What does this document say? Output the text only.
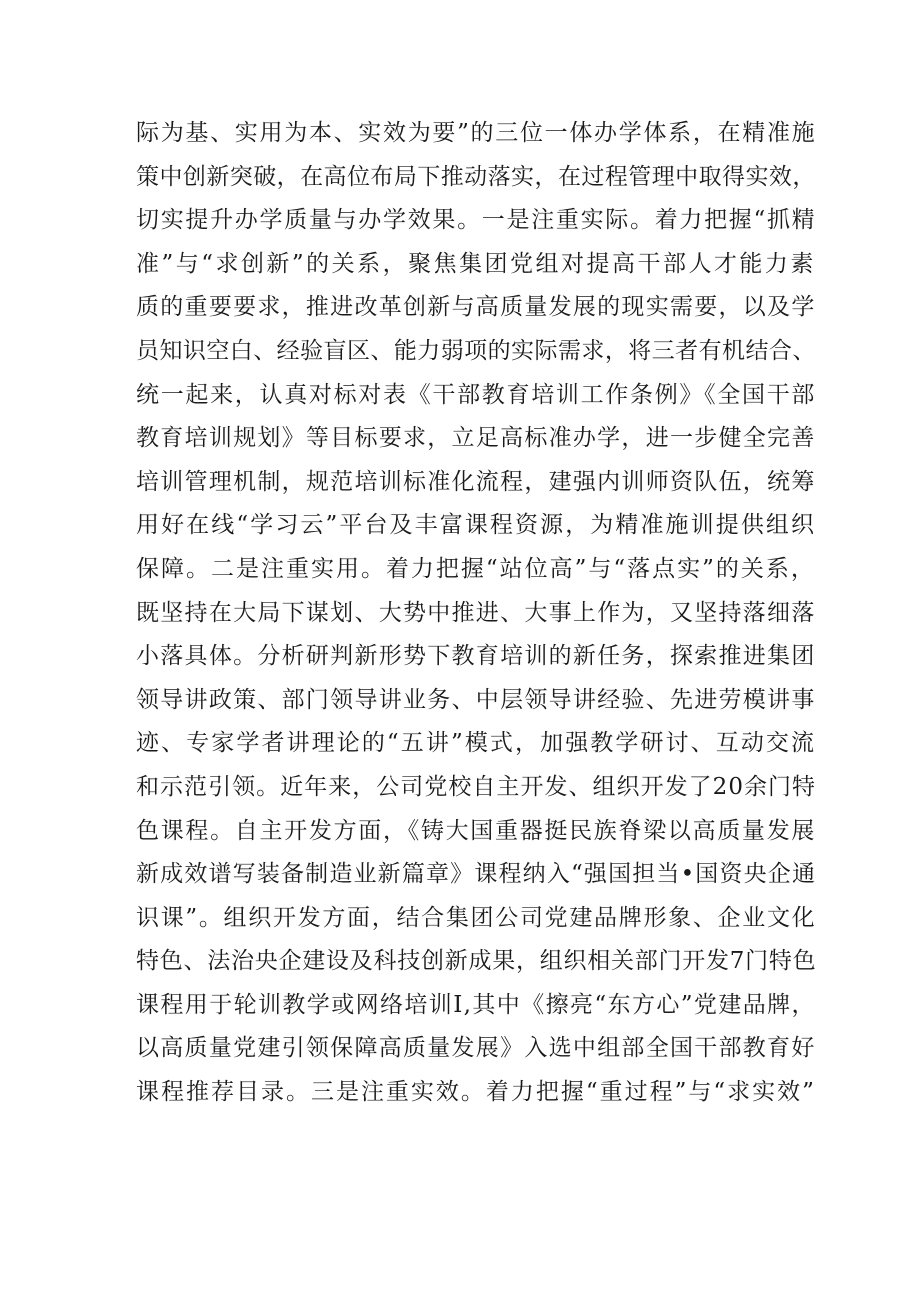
际为基、实用为本、实效为要”的三位一体办学体系，在精准施
策中创新突破，在高位布局下推动落实，在过程管理中取得实效，
切实提升办学质量与办学效果。一是注重实际。着力把握“抓精
准”与“求创新”的关系，聚焦集团党组对提高干部人才能力素
质的重要要求，推进改革创新与高质量发展的现实需要，以及学
员知识空白、经验盲区、能力弱项的实际需求，将三者有机结合、
统一起来，认真对标对表《干部教育培训工作条例》《全国干部
教育培训规划》等目标要求，立足高标准办学，进一步健全完善
培训管理机制，规范培训标准化流程，建强内训师资队伍，统筹
用好在线“学习云”平台及丰富课程资源，为精准施训提供组织
保障。二是注重实用。着力把握“站位高”与“落点实”的关系，
既坚持在大局下谋划、大势中推进、大事上作为，又坚持落细落
小落具体。分析研判新形势下教育培训的新任务，探索推进集团
领导讲政策、部门领导讲业务、中层领导讲经验、先进劳模讲事
迹、专家学者讲理论的“五讲”模式，加强教学研讨、互动交流
和示范引领。近年来，公司党校自主开发、组织开发了20余门特
色课程。自主开发方面，《铸大国重器挺民族脊梁以高质量发展
新成效谱写装备制造业新篇章》课程纳入“强国担当•国资央企通
识课”。组织开发方面，结合集团公司党建品牌形象、企业文化
特色、法治央企建设及科技创新成果，组织相关部门开发7门特色
课程用于轮训教学或网络培训I,其中《擦亮“东方心”党建品牌，
以高质量党建引领保障高质量发展》入选中组部全国干部教育好
课程推荐目录。三是注重实效。着力把握“重过程”与“求实效”
